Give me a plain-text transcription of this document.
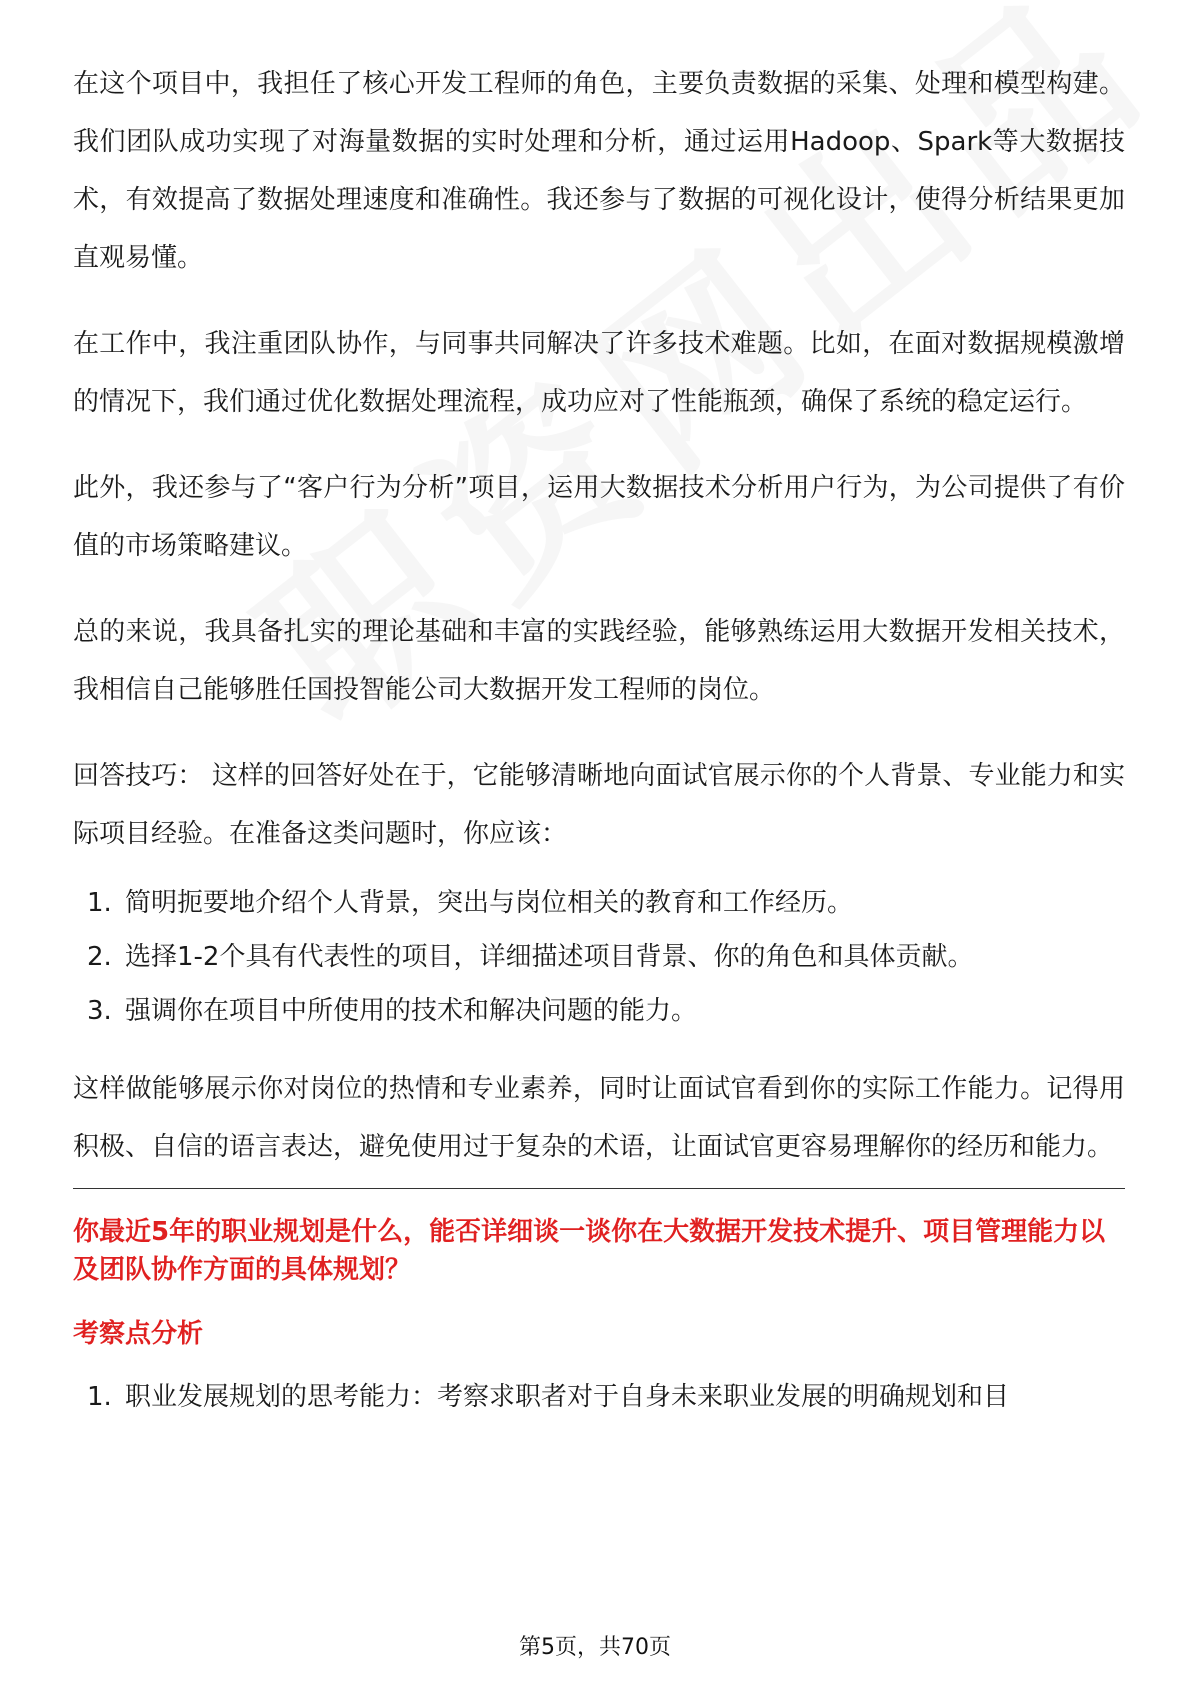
在这个项目中，我担任了核心开发工程师的角色，主要负责数据的采集、处理和模型构建。我们团队成功实现了对海量数据的实时处理和分析，通过运用Hadoop、Spark等大数据技术，有效提高了数据处理速度和准确性。我还参与了数据的可视化设计，使得分析结果更加直观易懂。

在工作中，我注重团队协作，与同事共同解决了许多技术难题。比如，在面对数据规模激增的情况下，我们通过优化数据处理流程，成功应对了性能瓶颈，确保了系统的稳定运行。

此外，我还参与了“客户行为分析”项目，运用大数据技术分析用户行为，为公司提供了有价值的市场策略建议。

总的来说，我具备扎实的理论基础和丰富的实践经验，能够熟练运用大数据开发相关技术，我相信自己能够胜任国投智能公司大数据开发工程师的岗位。

回答技巧： 这样的回答好处在于，它能够清晰地向面试官展示你的个人背景、专业能力和实际项目经验。在准备这类问题时，你应该：

1. 简明扼要地介绍个人背景，突出与岗位相关的教育和工作经历。
2. 选择1-2个具有代表性的项目，详细描述项目背景、你的角色和具体贡献。
3. 强调你在项目中所使用的技术和解决问题的能力。

这样做能够展示你对岗位的热情和专业素养，同时让面试官看到你的实际工作能力。记得用积极、自信的语言表达，避免使用过于复杂的术语，让面试官更容易理解你的经历和能力。

你最近5年的职业规划是什么，能否详细谈一谈你在大数据开发技术提升、项目管理能力以及团队协作方面的具体规划？
考察点分析
1. 职业发展规划的思考能力：考察求职者对于自身未来职业发展的明确规划和目
第5页，共70页
